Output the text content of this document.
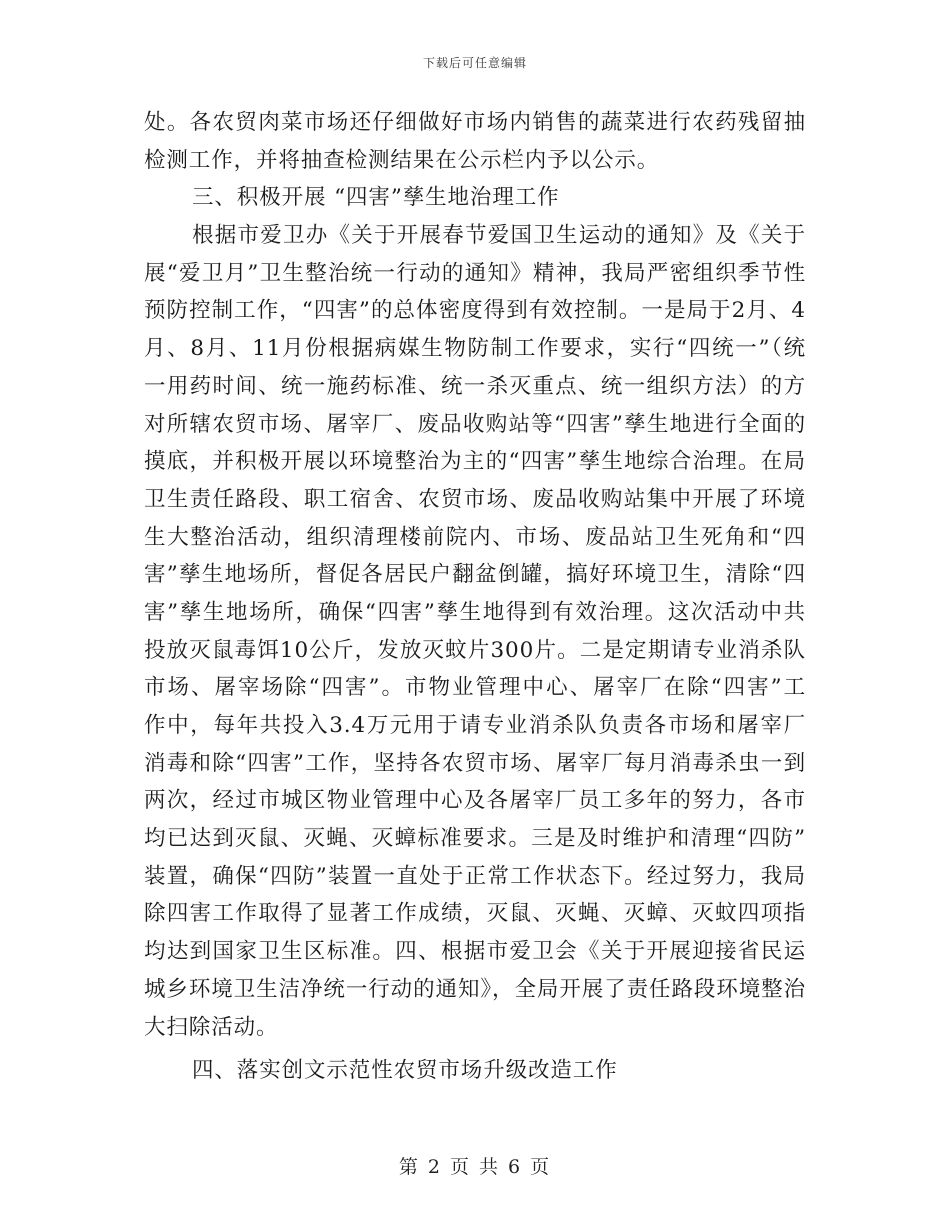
下载后可任意编辑
处。各农贸肉菜市场还仔细做好市场内销售的蔬菜进行农药残留抽
检测工作，并将抽查检测结果在公示栏内予以公示。
三、积极开展 “四害”孳生地治理工作
根据市爱卫办《关于开展春节爱国卫生运动的通知》及《关于
展“爱卫月”卫生整治统一行动的通知》精神，我局严密组织季节性
预防控制工作，“四害”的总体密度得到有效控制。一是局于2月、4
月、8月、11月份根据病媒生物防制工作要求，实行“四统一”（统
一用药时间、统一施药标准、统一杀灭重点、统一组织方法）的方
对所辖农贸市场、屠宰厂、废品收购站等“四害”孳生地进行全面的
摸底，并积极开展以环境整治为主的“四害”孳生地综合治理。在局
卫生责任路段、职工宿舍、农贸市场、废品收购站集中开展了环境
生大整治活动，组织清理楼前院内、市场、废品站卫生死角和“四
害”孳生地场所，督促各居民户翻盆倒罐，搞好环境卫生，清除“四
害”孳生地场所，确保“四害”孳生地得到有效治理。这次活动中共
投放灭鼠毒饵10公斤，发放灭蚊片300片。二是定期请专业消杀队
市场、屠宰场除“四害”。市物业管理中心、屠宰厂在除“四害”工
作中，每年共投入3.4万元用于请专业消杀队负责各市场和屠宰厂
消毒和除“四害”工作，坚持各农贸市场、屠宰厂每月消毒杀虫一到
两次，经过市城区物业管理中心及各屠宰厂员工多年的努力，各市
均已达到灭鼠、灭蝇、灭蟑标准要求。三是及时维护和清理“四防”
装置，确保“四防”装置一直处于正常工作状态下。经过努力，我局
除四害工作取得了显著工作成绩，灭鼠、灭蝇、灭蟑、灭蚊四项指
均达到国家卫生区标准。四、根据市爱卫会《关于开展迎接省民运
城乡环境卫生洁净统一行动的通知》，全局开展了责任路段环境整治
大扫除活动。
四、落实创文示范性农贸市场升级改造工作
第 2 页 共 6 页
